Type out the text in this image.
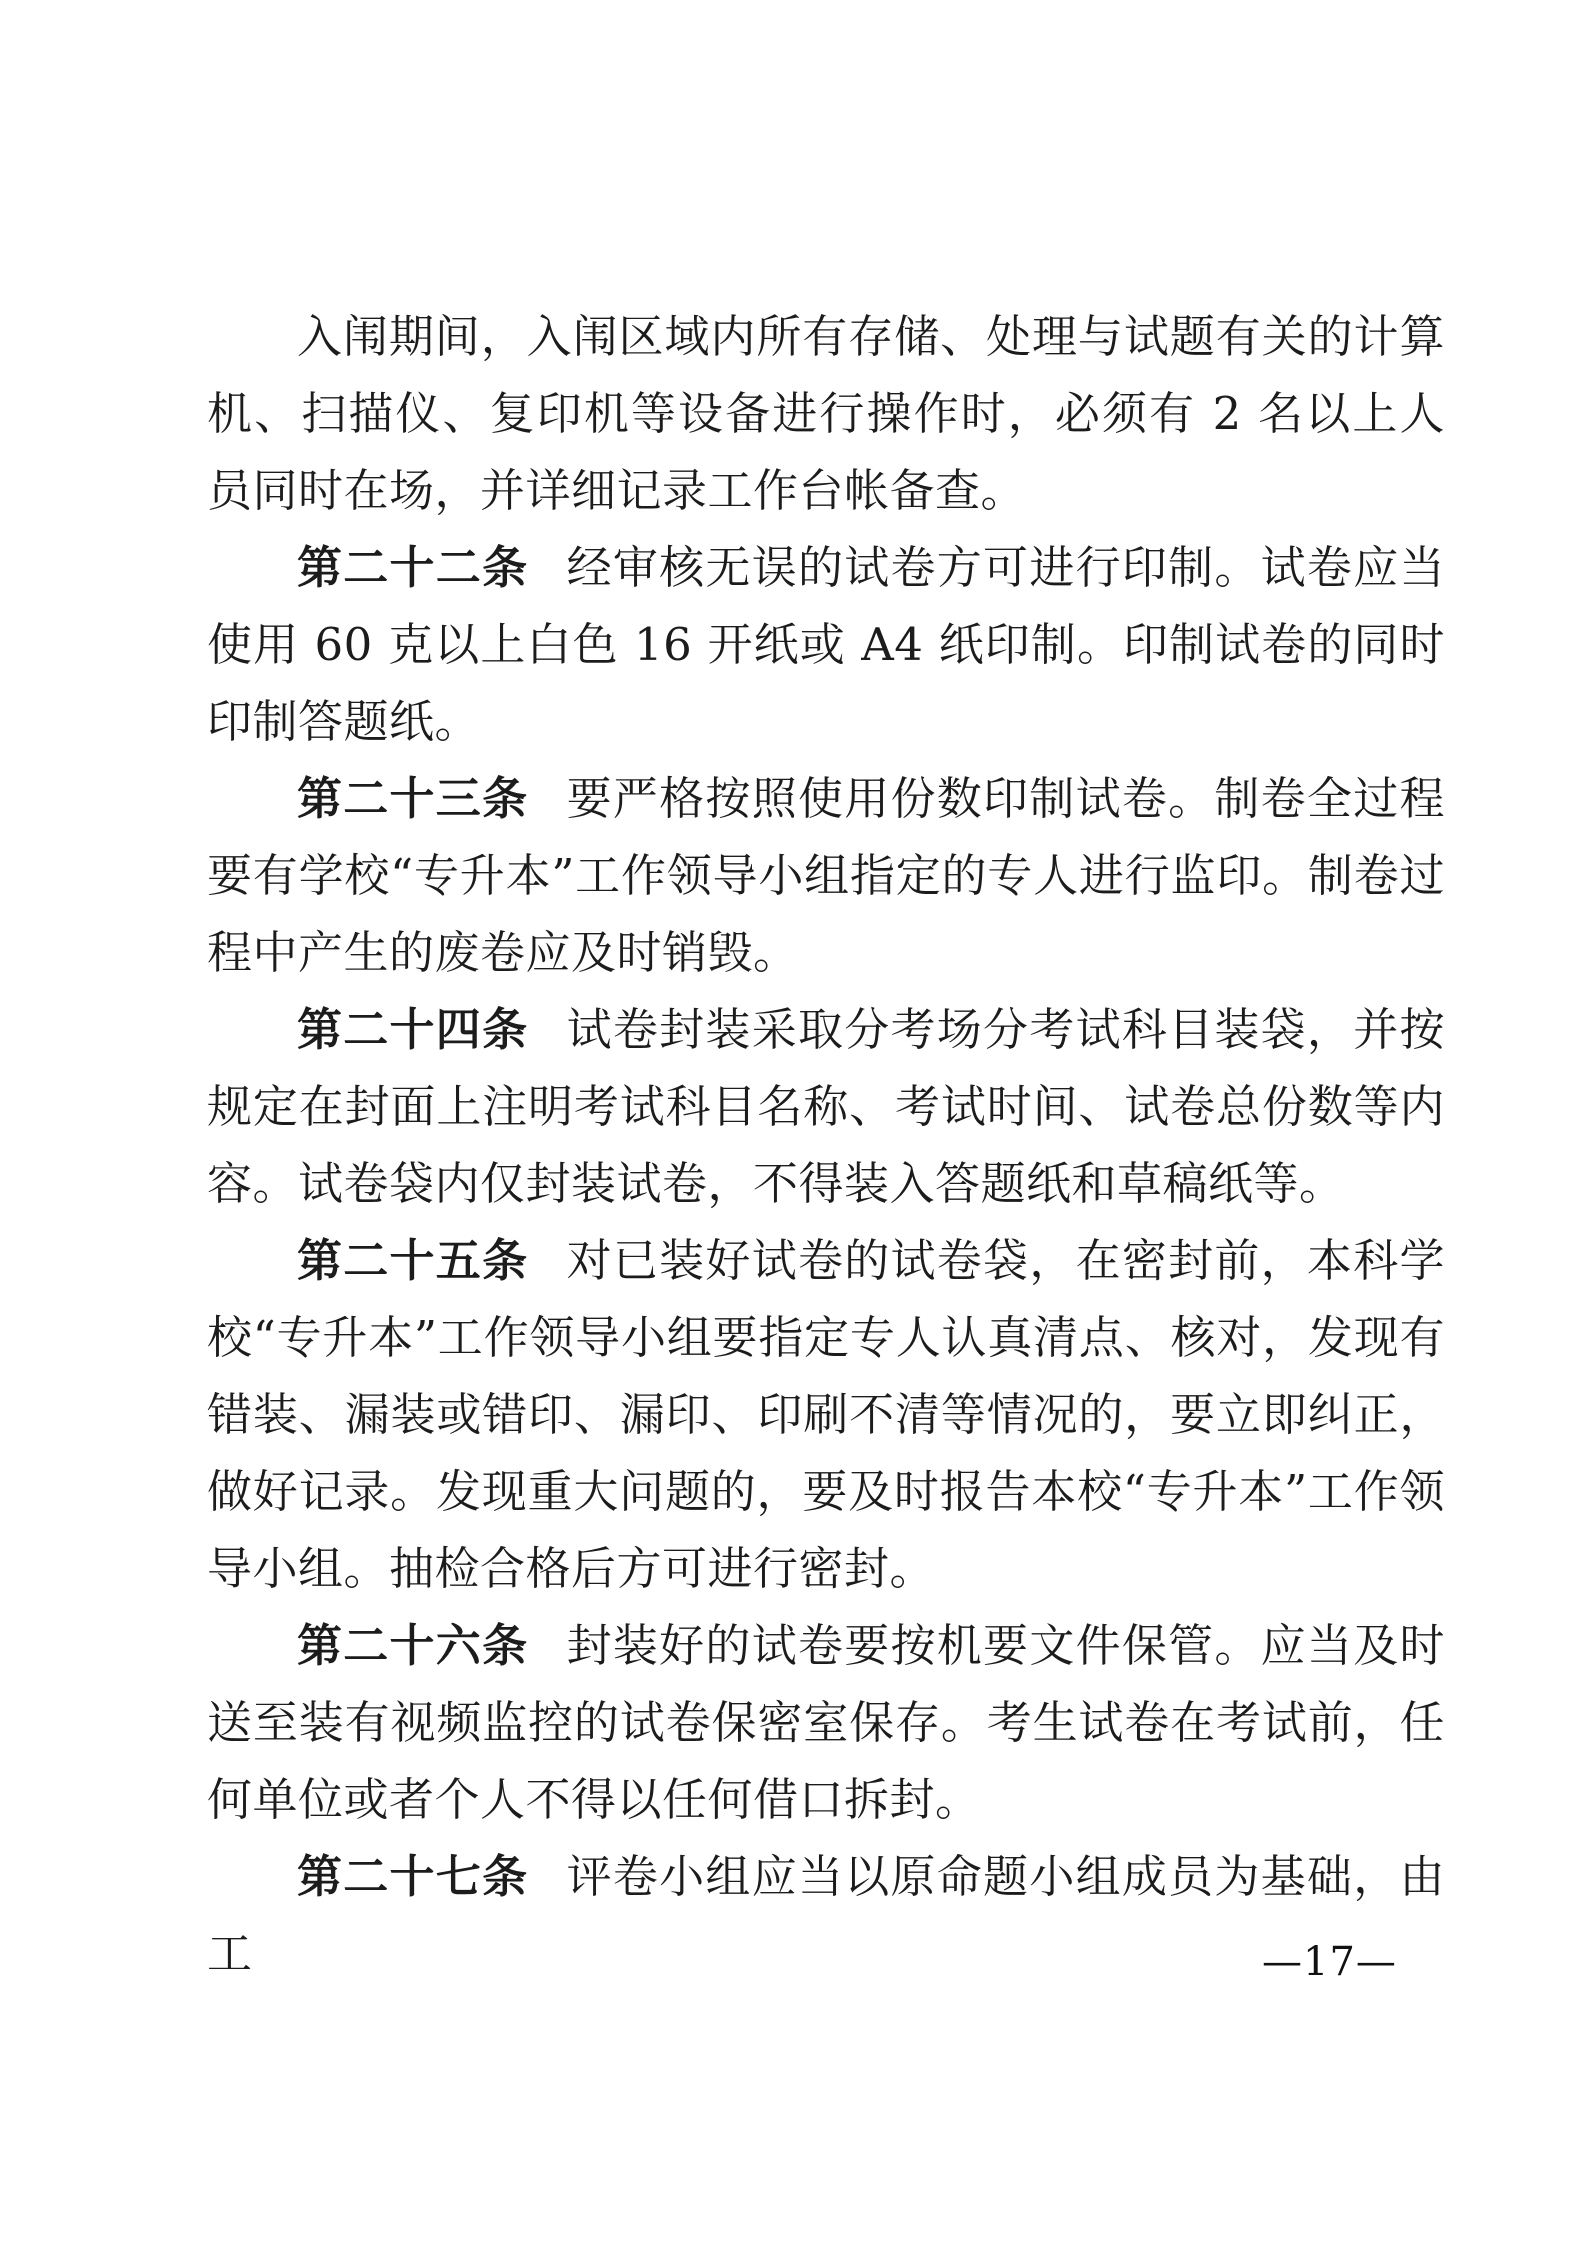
入闱期间，入闱区域内所有存储、处理与试题有关的计算机、扫描仪、复印机等设备进行操作时，必须有 2 名以上人员同时在场，并详细记录工作台帐备查。

第二十二条 经审核无误的试卷方可进行印制。试卷应当使用 60 克以上白色 16 开纸或 A4 纸印制。印制试卷的同时印制答题纸。

第二十三条 要严格按照使用份数印制试卷。制卷全过程要有学校“专升本”工作领导小组指定的专人进行监印。制卷过程中产生的废卷应及时销毁。

第二十四条 试卷封装采取分考场分考试科目装袋，并按规定在封面上注明考试科目名称、考试时间、试卷总份数等内容。试卷袋内仅封装试卷，不得装入答题纸和草稿纸等。

第二十五条 对已装好试卷的试卷袋，在密封前，本科学校“专升本”工作领导小组要指定专人认真清点、核对，发现有错装、漏装或错印、漏印、印刷不清等情况的，要立即纠正，做好记录。发现重大问题的，要及时报告本校“专升本”工作领导小组。抽检合格后方可进行密封。

第二十六条 封装好的试卷要按机要文件保管。应当及时送至装有视频监控的试卷保密室保存。考生试卷在考试前，任何单位或者个人不得以任何借口拆封。

第二十七条 评卷小组应当以原命题小组成员为基础，由工	—17—
